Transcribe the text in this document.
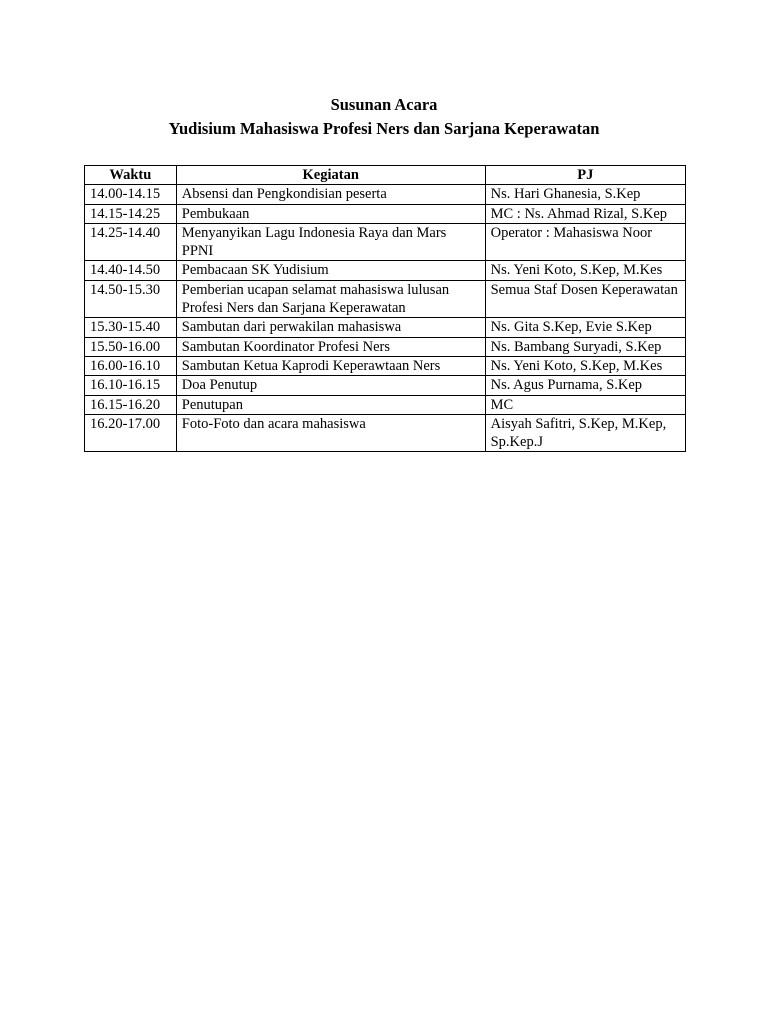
Susunan Acara
Yudisium Mahasiswa Profesi Ners dan Sarjana Keperawatan
Waktu	Kegiatan	PJ
14.00-14.15	Absensi dan Pengkondisian peserta	Ns. Hari Ghanesia, S.Kep
14.15-14.25	Pembukaan	MC : Ns. Ahmad Rizal, S.Kep
14.25-14.40	Menyanyikan Lagu Indonesia Raya dan Mars PPNI	Operator : Mahasiswa Noor
14.40-14.50	Pembacaan SK Yudisium	Ns. Yeni Koto, S.Kep, M.Kes
14.50-15.30	Pemberian ucapan selamat mahasiswa lulusan Profesi Ners dan Sarjana Keperawatan	Semua Staf Dosen Keperawatan
15.30-15.40	Sambutan dari perwakilan mahasiswa	Ns. Gita S.Kep, Evie S.Kep
15.50-16.00	Sambutan Koordinator Profesi Ners	Ns. Bambang Suryadi, S.Kep
16.00-16.10	Sambutan Ketua Kaprodi Keperawtaan Ners	Ns. Yeni Koto, S.Kep, M.Kes
16.10-16.15	Doa Penutup	Ns. Agus Purnama, S.Kep
16.15-16.20	Penutupan	MC
16.20-17.00	Foto-Foto dan acara mahasiswa	Aisyah Safitri, S.Kep, M.Kep, Sp.Kep.J
